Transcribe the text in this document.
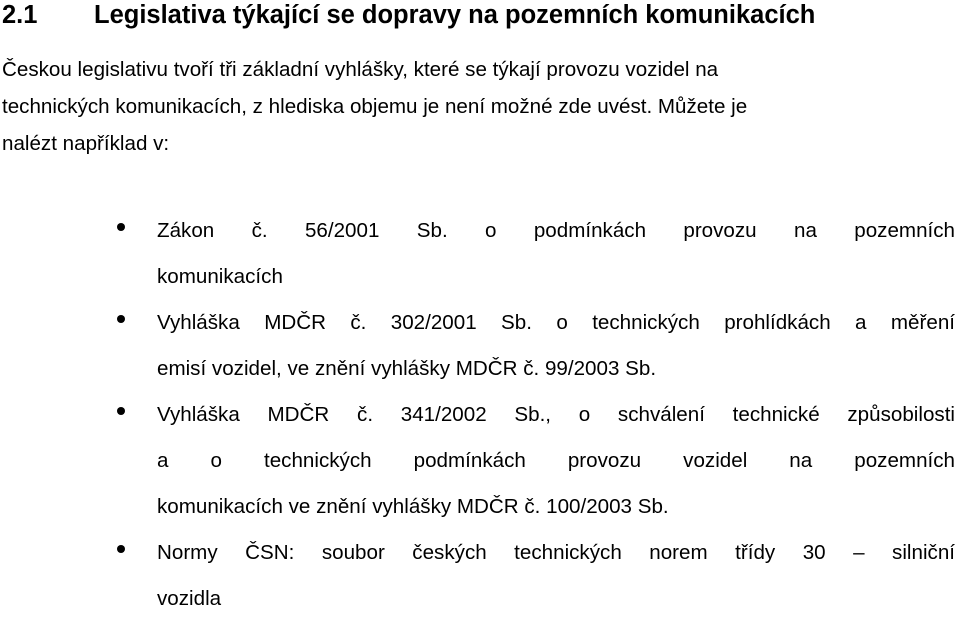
2.1 Legislativa týkající se dopravy na pozemních komunikacích
Českou legislativu tvoří tři základní vyhlášky, které se týkají provozu vozidel na
technických komunikacích, z hlediska objemu je není možné zde uvést. Můžete je
nalézt například v:
Zákon č. 56/2001 Sb. o podmínkách provozu na pozemních
komunikacích
Vyhláška MDČR č. 302/2001 Sb. o technických prohlídkách a měření
emisí vozidel, ve znění vyhlášky MDČR č. 99/2003 Sb.
Vyhláška MDČR č. 341/2002 Sb., o schválení technické způsobilosti
a o technických podmínkách provozu vozidel na pozemních
komunikacích ve znění vyhlášky MDČR č. 100/2003 Sb.
Normy ČSN: soubor českých technických norem třídy 30 – silniční
vozidla
